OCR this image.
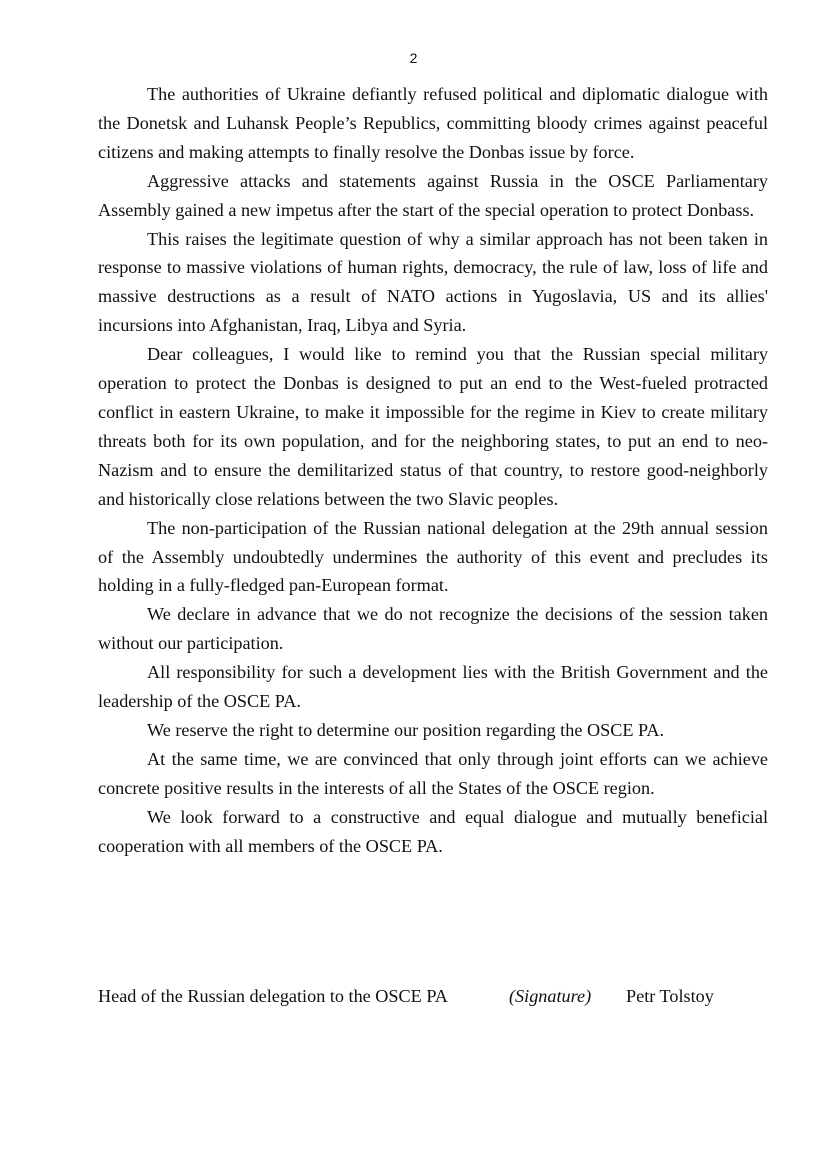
2

The authorities of Ukraine defiantly refused political and diplomatic dialogue with the Donetsk and Luhansk People’s Republics, committing bloody crimes against peaceful citizens and making attempts to finally resolve the Donbas issue by force.

Aggressive attacks and statements against Russia in the OSCE Parliamentary Assembly gained a new impetus after the start of the special operation to protect Donbass.

This raises the legitimate question of why a similar approach has not been taken in response to massive violations of human rights, democracy, the rule of law, loss of life and massive destructions as a result of NATO actions in Yugoslavia, US and its allies' incursions into Afghanistan, Iraq, Libya and Syria.

Dear colleagues, I would like to remind you that the Russian special military operation to protect the Donbas is designed to put an end to the West-fueled protracted conflict in eastern Ukraine, to make it impossible for the regime in Kiev to create military threats both for its own population, and for the neighboring states, to put an end to neo-Nazism and to ensure the demilitarized status of that country, to restore good-neighborly and historically close relations between the two Slavic peoples.

The non-participation of the Russian national delegation at the 29th annual session of the Assembly undoubtedly undermines the authority of this event and precludes its holding in a fully-fledged pan-European format.

We declare in advance that we do not recognize the decisions of the session taken without our participation.

All responsibility for such a development lies with the British Government and the leadership of the OSCE PA.

We reserve the right to determine our position regarding the OSCE PA.

At the same time, we are convinced that only through joint efforts can we achieve concrete positive results in the interests of all the States of the OSCE region.

We look forward to a constructive and equal dialogue and mutually beneficial cooperation with all members of the OSCE PA.

Head of the Russian delegation to the OSCE PA	(Signature) Petr Tolstoy
